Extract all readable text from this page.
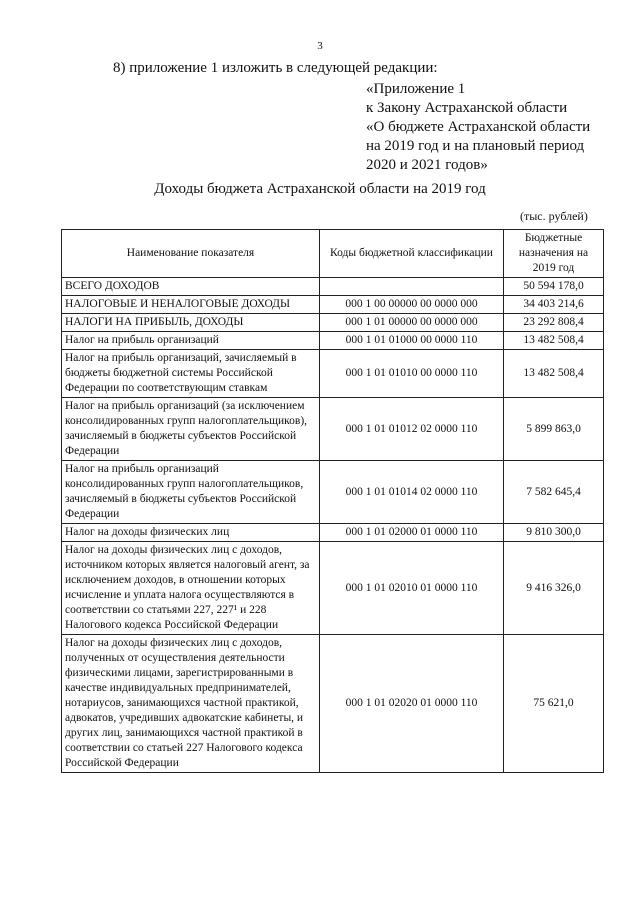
3
8) приложение 1 изложить в следующей редакции:
«Приложение 1
к Закону Астраханской области
«О бюджете Астраханской области
на 2019 год и на плановый период
2020 и 2021 годов»
Доходы бюджета Астраханской области на 2019 год
(тыс. рублей)
Наименование показателя	Коды бюджетной классификации	Бюджетные назначения на 2019 год
ВСЕГО ДОХОДОВ		50 594 178,0
НАЛОГОВЫЕ И НЕНАЛОГОВЫЕ ДОХОДЫ	000 1 00 00000 00 0000 000	34 403 214,6
НАЛОГИ НА ПРИБЫЛЬ, ДОХОДЫ	000 1 01 00000 00 0000 000	23 292 808,4
Налог на прибыль организаций	000 1 01 01000 00 0000 110	13 482 508,4
Налог на прибыль организаций, зачисляемый в бюджеты бюджетной системы Российской Федерации по соответствующим ставкам	000 1 01 01010 00 0000 110	13 482 508,4
Налог на прибыль организаций (за исключением консолидированных групп налогоплательщиков), зачисляемый в бюджеты субъектов Российской Федерации	000 1 01 01012 02 0000 110	5 899 863,0
Налог на прибыль организаций консолидированных групп налогоплательщиков, зачисляемый в бюджеты субъектов Российской Федерации	000 1 01 01014 02 0000 110	7 582 645,4
Налог на доходы физических лиц	000 1 01 02000 01 0000 110	9 810 300,0
Налог на доходы физических лиц с доходов, источником которых является налоговый агент, за исключением доходов, в отношении которых исчисление и уплата налога осуществляются в соответствии со статьями 227, 227¹ и 228 Налогового кодекса Российской Федерации	000 1 01 02010 01 0000 110	9 416 326,0
Налог на доходы физических лиц с доходов, полученных от осуществления деятельности физическими лицами, зарегистрированными в качестве индивидуальных предпринимателей, нотариусов, занимающихся частной практикой, адвокатов, учредивших адвокатские кабинеты, и других лиц, занимающихся частной практикой в соответствии со статьей 227 Налогового кодекса Российской Федерации	000 1 01 02020 01 0000 110	75 621,0
